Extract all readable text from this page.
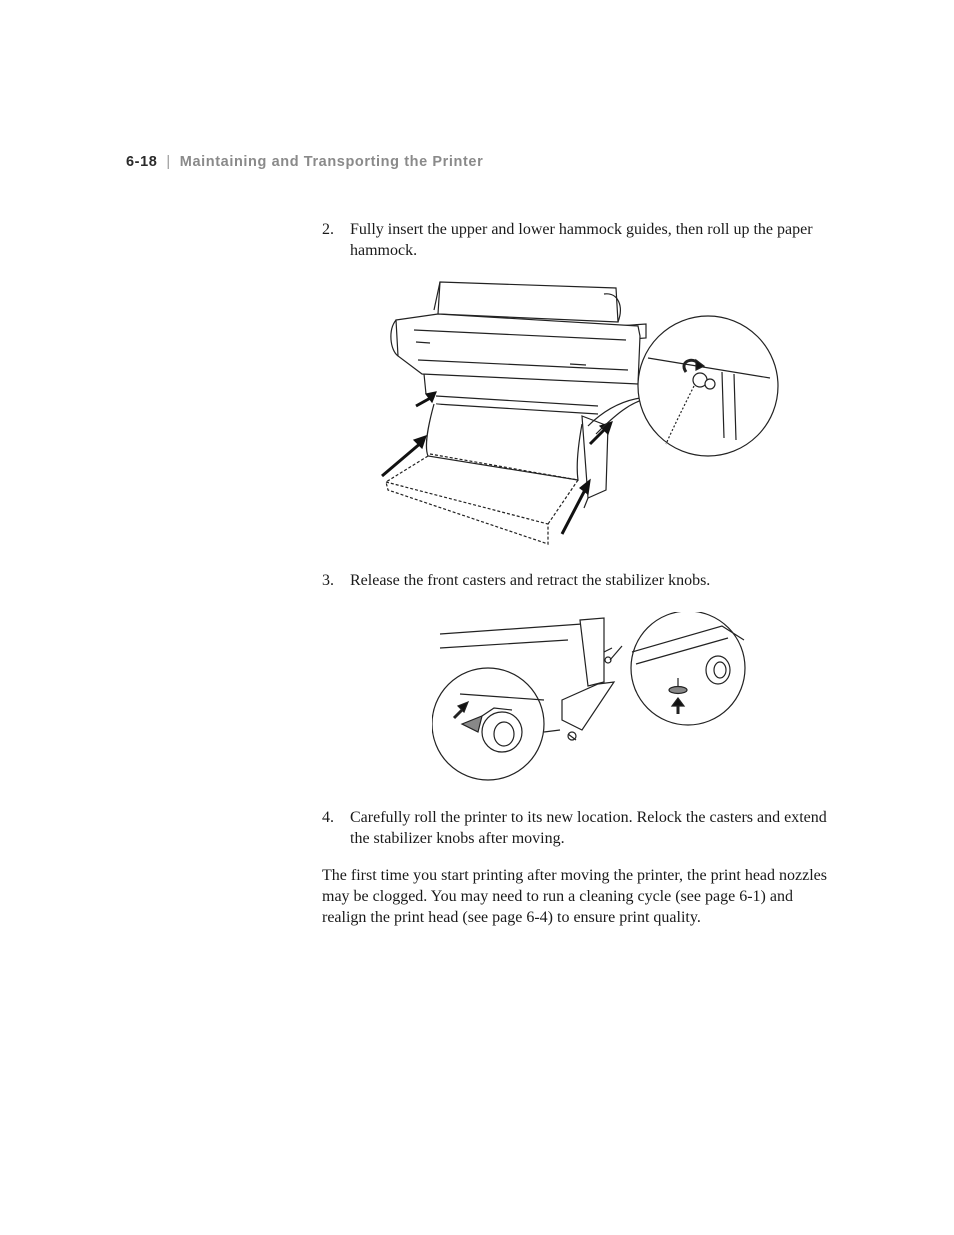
6-18 | Maintaining and Transporting the Printer
2. Fully insert the upper and lower hammock guides, then roll up the paper hammock.
3. Release the front casters and retract the stabilizer knobs.
4. Carefully roll the printer to its new location. Relock the casters and extend the stabilizer knobs after moving.
The first time you start printing after moving the printer, the print head nozzles may be clogged. You may need to run a cleaning cycle (see page 6-1) and realign the print head (see page 6-4) to ensure print quality.
